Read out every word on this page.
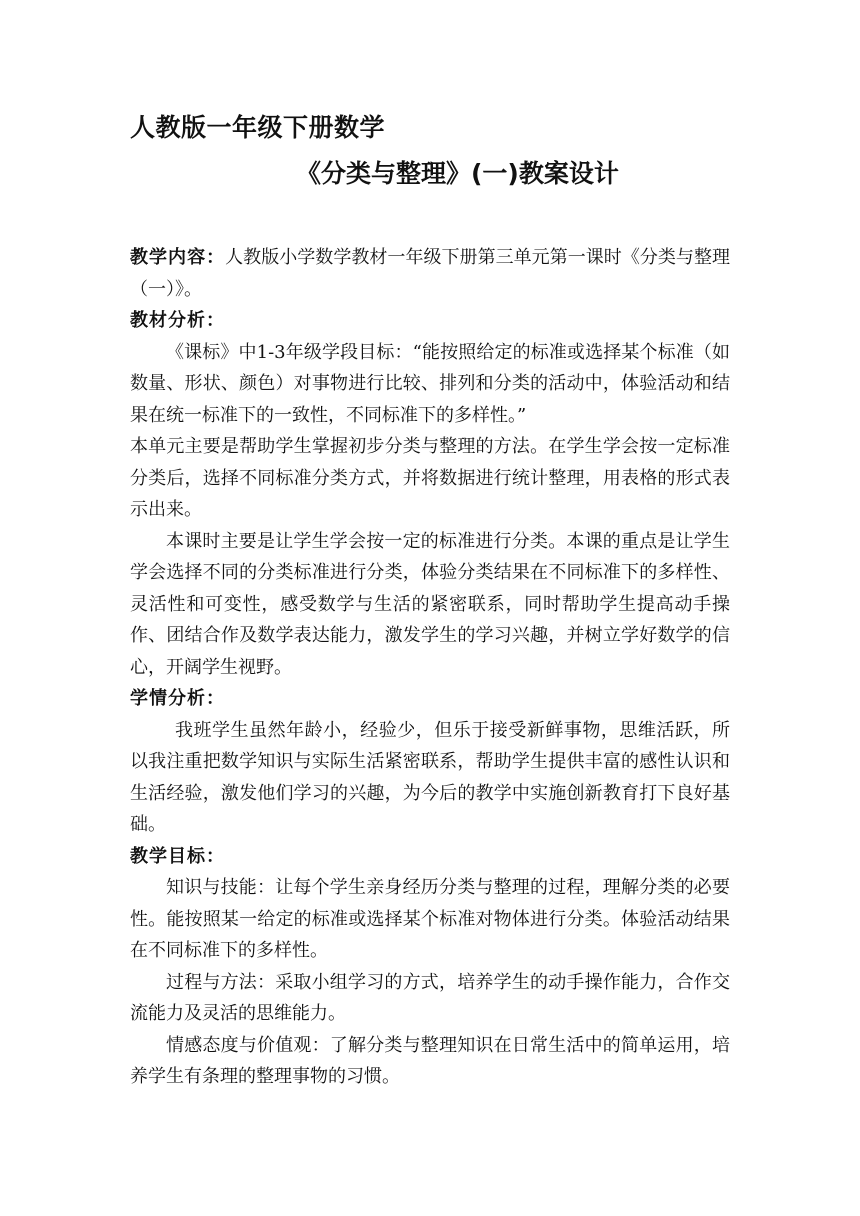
人教版一年级下册数学
《分类与整理》(一)教案设计

教学内容：人教版小学数学教材一年级下册第三单元第一课时《分类与整理（一）》。

教材分析：

《课标》中1-3年级学段目标：“能按照给定的标准或选择某个标准（如数量、形状、颜色）对事物进行比较、排列和分类的活动中，体验活动和结果在统一标准下的一致性，不同标准下的多样性。”

本单元主要是帮助学生掌握初步分类与整理的方法。在学生学会按一定标准分类后，选择不同标准分类方式，并将数据进行统计整理，用表格的形式表示出来。

本课时主要是让学生学会按一定的标准进行分类。本课的重点是让学生学会选择不同的分类标准进行分类，体验分类结果在不同标准下的多样性、灵活性和可变性，感受数学与生活的紧密联系，同时帮助学生提高动手操作、团结合作及数学表达能力，激发学生的学习兴趣，并树立学好数学的信心，开阔学生视野。

学情分析：

我班学生虽然年龄小，经验少，但乐于接受新鲜事物，思维活跃，所以我注重把数学知识与实际生活紧密联系，帮助学生提供丰富的感性认识和生活经验，激发他们学习的兴趣，为今后的教学中实施创新教育打下良好基础。

教学目标：

知识与技能：让每个学生亲身经历分类与整理的过程，理解分类的必要性。能按照某一给定的标准或选择某个标准对物体进行分类。体验活动结果在不同标准下的多样性。

过程与方法：采取小组学习的方式，培养学生的动手操作能力，合作交流能力及灵活的思维能力。

情感态度与价值观：了解分类与整理知识在日常生活中的简单运用，培养学生有条理的整理事物的习惯。
